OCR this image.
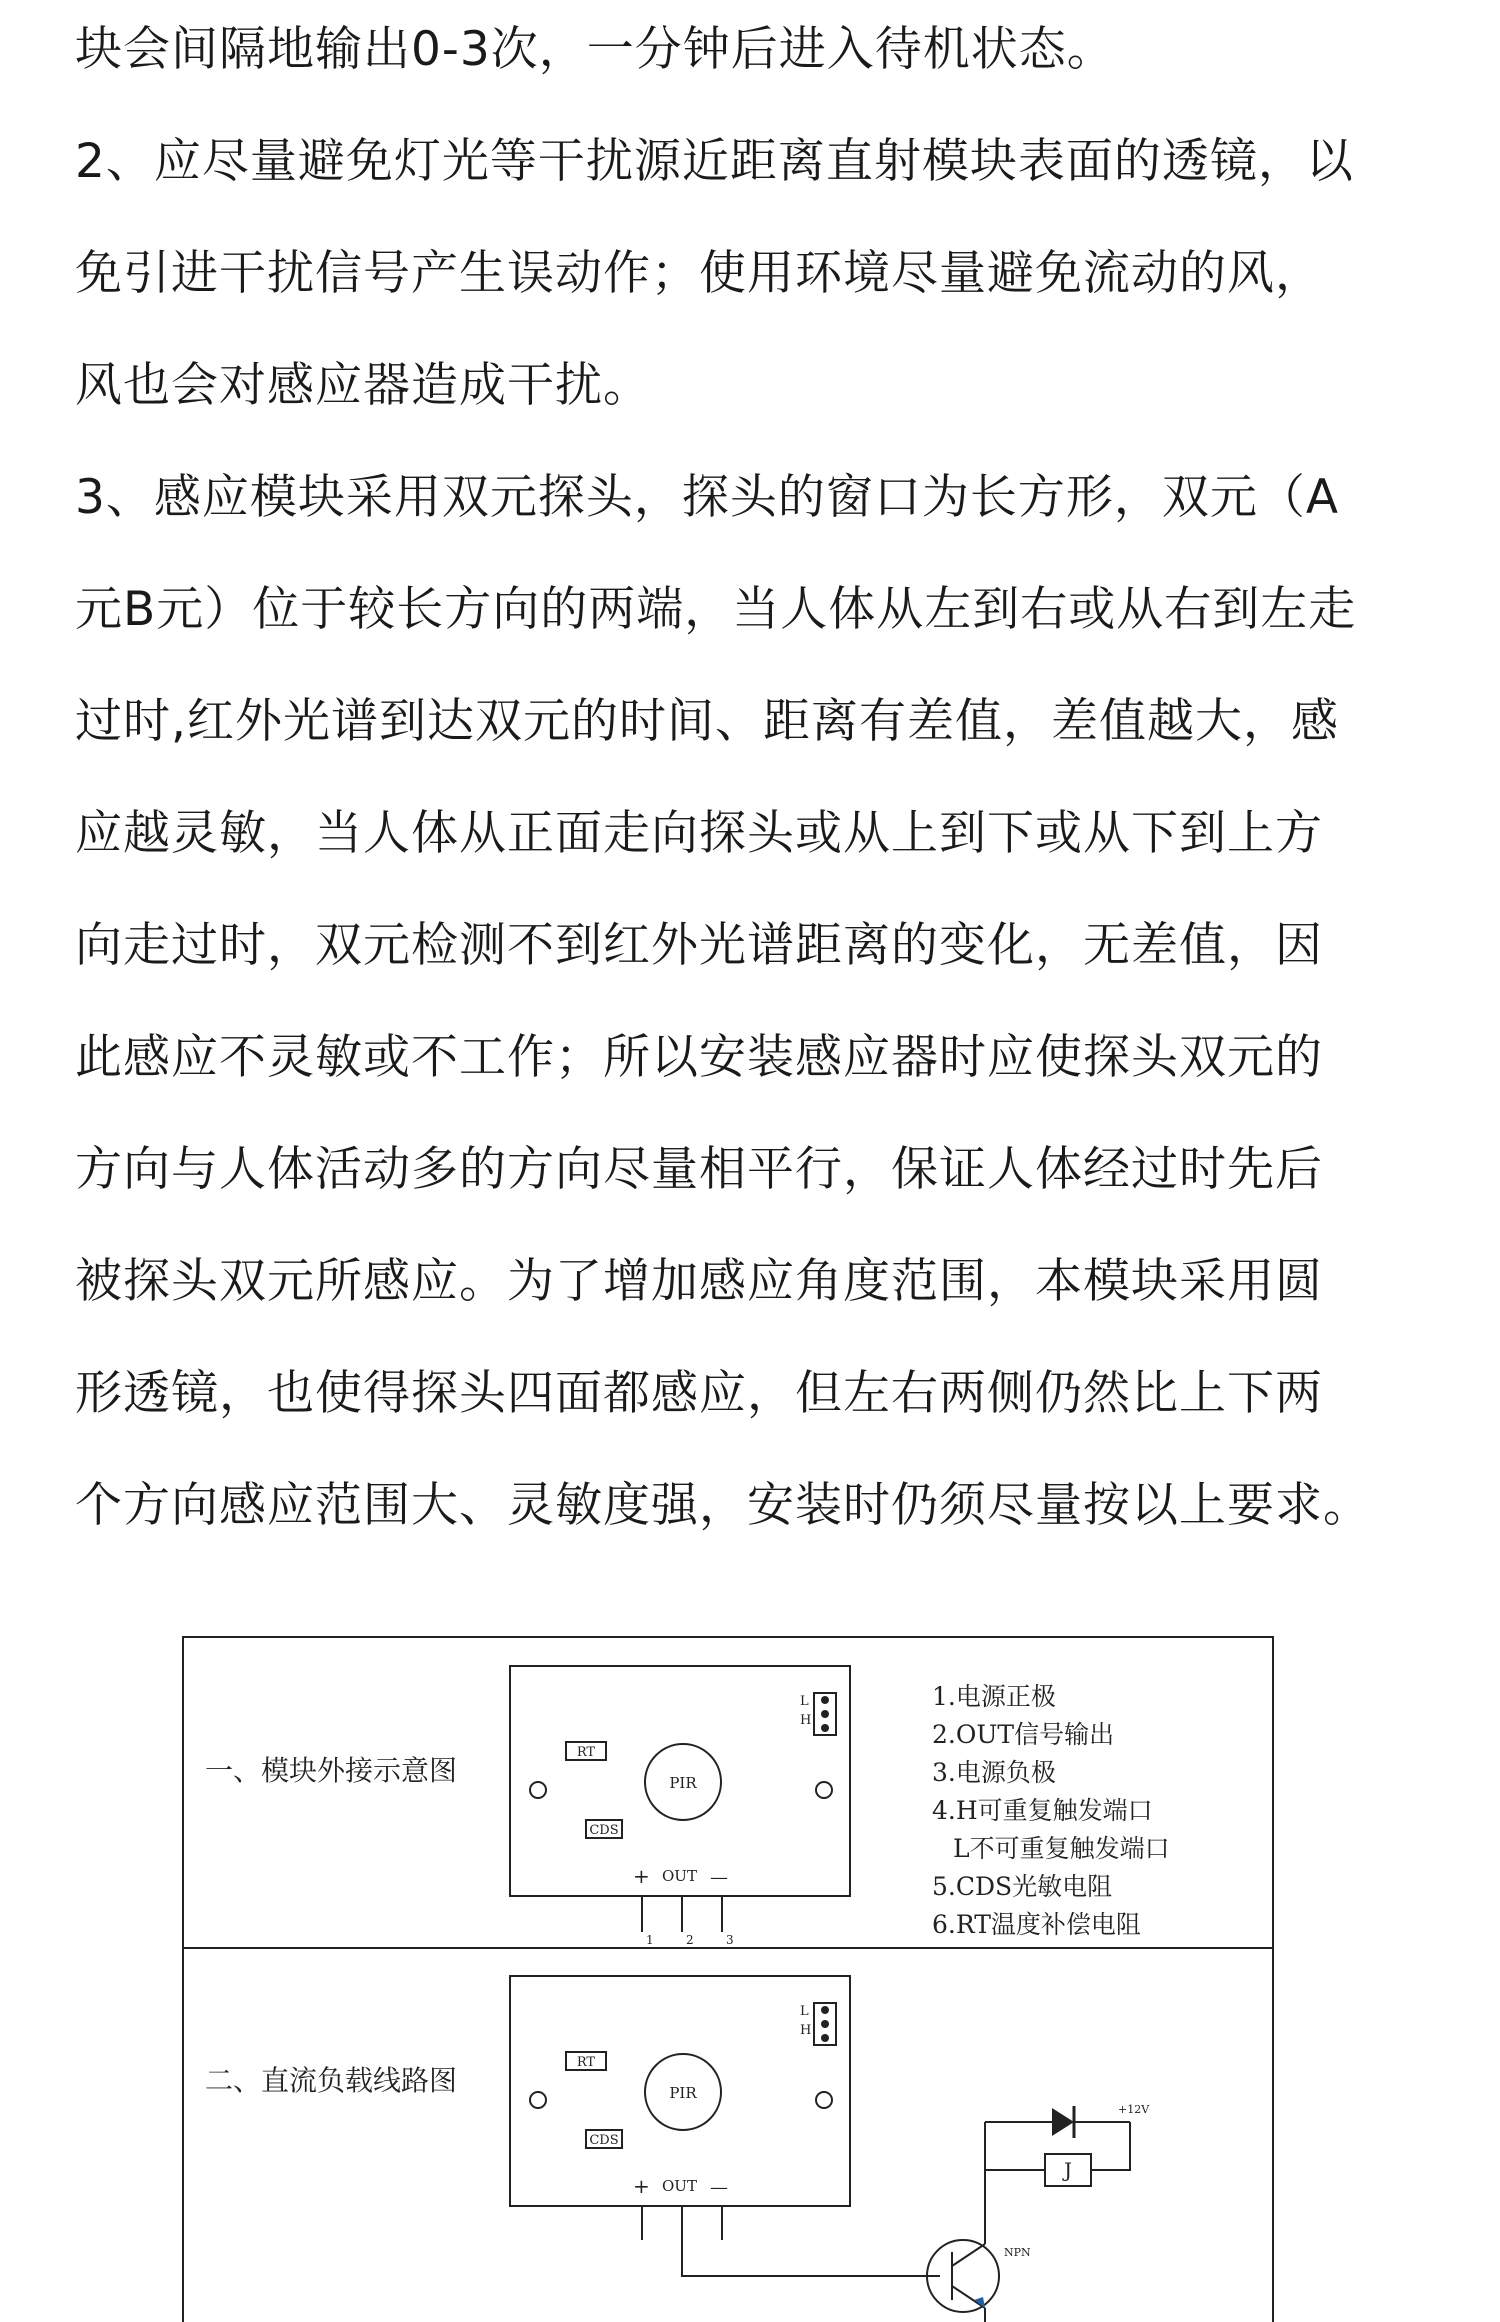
块会间隔地输出0-3次，一分钟后进入待机状态。
2、应尽量避免灯光等干扰源近距离直射模块表面的透镜，以
免引进干扰信号产生误动作；使用环境尽量避免流动的风，
风也会对感应器造成干扰。
3、感应模块采用双元探头，探头的窗口为长方形，双元（A
元B元）位于较长方向的两端，当人体从左到右或从右到左走
过时,红外光谱到达双元的时间、距离有差值，差值越大，感
应越灵敏，当人体从正面走向探头或从上到下或从下到上方
向走过时，双元检测不到红外光谱距离的变化，无差值，因
此感应不灵敏或不工作；所以安装感应器时应使探头双元的
方向与人体活动多的方向尽量相平行，保证人体经过时先后
被探头双元所感应。为了增加感应角度范围，本模块采用圆
形透镜，也使得探头四面都感应，但左右两侧仍然比上下两
个方向感应范围大、灵敏度强，安装时仍须尽量按以上要求。
一、模块外接示意图	PIR
RT
CDS
L
H
+ OUT —
1	2	3
1.电源正极
2.OUT信号输出
3.电源负极
4.H可重复触发端口
L不可重复触发端口
5.CDS光敏电阻
6.RT温度补偿电阻
二、直流负载线路图	PIR
RT
CDS
L
H
+ OUT —
J
+12V
NPN
